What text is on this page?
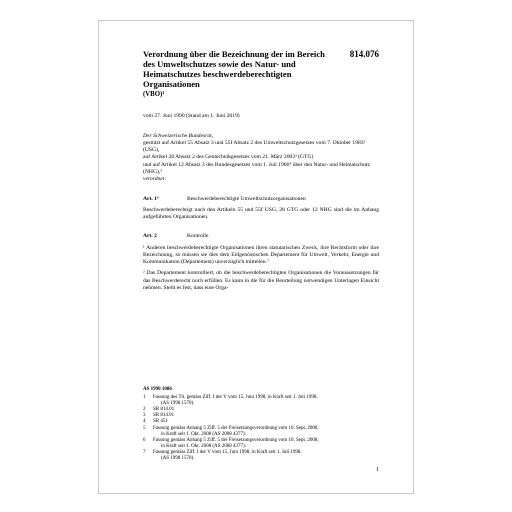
814.076
Verordnung über die Bezeichnung der im Bereich des Umweltschutzes sowie des Natur- und Heimatschutzes beschwerdeberechtigten Organisationen
(VBO)¹
vom 27. Juni 1990 (Stand am 1. Juni 2019)
Der Schweizerische Bundesrat,
gestützt auf Artikel 55 Absatz 3 und 55f Absatz 2 des Umweltschutzgesetzes vom 7. Oktober 1983² (USG),
auf Artikel 28 Absatz 2 des Gentechnikgesetzes vom 21. März 2003³ (GTG)
und auf Artikel 12 Absatz 3 des Bundesgesetzes vom 1. Juli 1966⁴ über den Natur- und Heimatschutz (NHG),⁵
verordnet:
Art. 1⁶	Beschwerdeberechtigte Umweltschutzorganisationen

Beschwerdeberechtigt nach den Artikeln 55 und 55f USG, 28 GTG oder 12 NHG sind die im Anhang aufgeführten Organisationen.

Art. 2	Kontrolle

¹ Anderen beschwerdeberechtigte Organisationen ihren statutarischen Zweck, ihre Rechtsform oder ihre Bezeichnung, so müssen sie dies dem Eidgenössischen Departement für Umwelt, Verkehr, Energie und Kommunikation (Departement) unverzüglich mitteilen.⁷

² Das Departement kontrolliert, ob die beschwerdeberechtigten Organisationen die Voraussetzungen für das Beschwerderecht noch erfüllen. Es kann in die für die Beurteilung notwendigen Unterlagen Einsicht nehmen. Stellt es fest, dass eine Orga-

AS 1990 1086
1	Fassung des Tit. gemäss Ziff. I der V vom 15. Juni 1998, in Kraft seit 1. Juli 1998.
(AS 1998 1570).
2	SR 814.01
3	SR 814.91
4	SR 451
5	Fassung gemäss Anhang 5 Ziff. 5 der Freisetzungsverordnung vom 10. Sept. 2008,
in Kraft seit 1. Okt. 2008 (AS 2008 4377).
6	Fassung gemäss Anhang 5 Ziff. 5 der Freisetzungsverordnung vom 10. Sept. 2008,
in Kraft seit 1. Okt. 2008 (AS 2008 4377).
7	Fassung gemäss Ziff. I der V vom 15. Juni 1998, in Kraft seit 1. Juli 1998.
(AS 1998 1570).
1
